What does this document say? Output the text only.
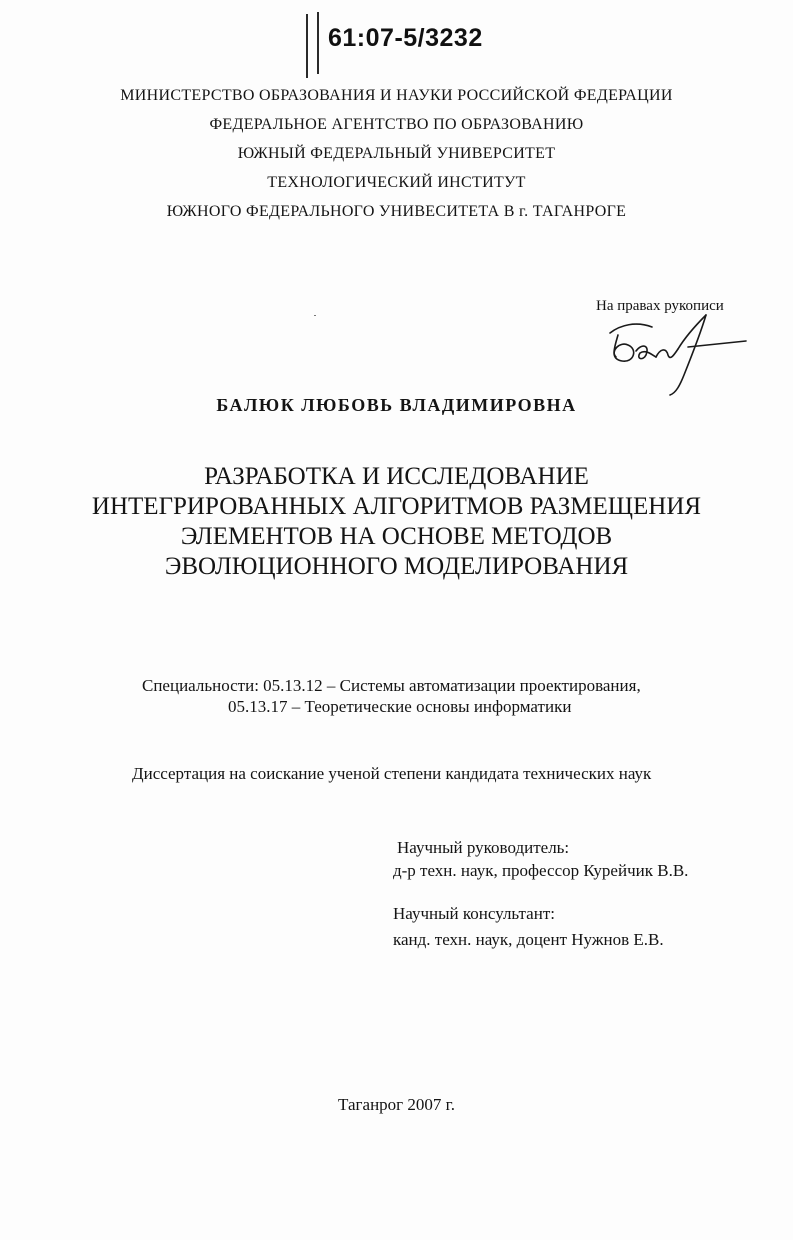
61:07-5/3232
МИНИСТЕРСТВО ОБРАЗОВАНИЯ И НАУКИ РОССИЙСКОЙ ФЕДЕРАЦИИ
ФЕДЕРАЛЬНОЕ АГЕНТСТВО ПО ОБРАЗОВАНИЮ
ЮЖНЫЙ ФЕДЕРАЛЬНЫЙ УНИВЕРСИТЕТ
ТЕХНОЛОГИЧЕСКИЙ ИНСТИТУТ
ЮЖНОГО ФЕДЕРАЛЬНОГО УНИВЕСИТЕТА В г. ТАГАНРОГЕ
На правах рукописи
БАЛЮК ЛЮБОВЬ ВЛАДИМИРОВНА
РАЗРАБОТКА И ИССЛЕДОВАНИЕ
ИНТЕГРИРОВАННЫХ АЛГОРИТМОВ РАЗМЕЩЕНИЯ
ЭЛЕМЕНТОВ НА ОСНОВЕ МЕТОДОВ
ЭВОЛЮЦИОННОГО МОДЕЛИРОВАНИЯ
Специальности: 05.13.12 – Системы автоматизации проектирования,
05.13.17 – Теоретические основы информатики
Диссертация на соискание ученой степени кандидата технических наук
Научный руководитель:
д-р техн. наук, профессор Курейчик В.В.
Научный консультант:
канд. техн. наук, доцент Нужнов Е.В.
Таганрог 2007 г.
